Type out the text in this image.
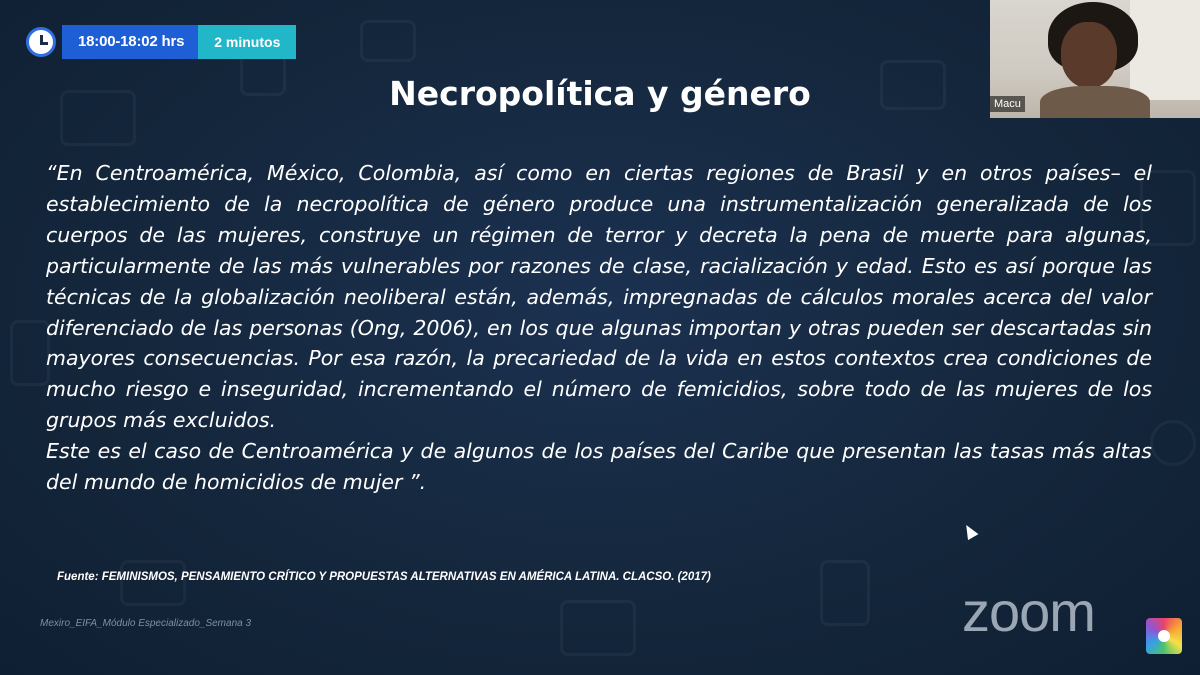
18:00-18:02 hrs	2 minutos
Macu
Necropolítica y género

“En Centroamérica, México, Colombia, así como en ciertas regiones de Brasil y en otros países– el establecimiento de la necropolítica de género produce una instrumentalización generalizada de los cuerpos de las mujeres, construye un régimen de terror y decreta la pena de muerte para algunas, particularmente de las más vulnerables por razones de clase, racialización y edad. Esto es así porque las técnicas de la globalización neoliberal están, además, impregnadas de cálculos morales acerca del valor diferenciado de las personas (Ong, 2006), en los que algunas importan y otras pueden ser descartadas sin mayores consecuencias. Por esa razón, la precariedad de la vida en estos contextos crea condiciones de mucho riesgo e inseguridad, incrementando el número de femicidios, sobre todo de las mujeres de los grupos más excluidos.

Este es el caso de Centroamérica y de algunos de los países del Caribe que presentan las tasas más altas del mundo de homicidios de mujer ”.

Fuente: FEMINISMOS, PENSAMIENTO CRÍTICO Y PROPUESTAS ALTERNATIVAS EN AMÉRICA LATINA. CLACSO. (2017)

Mexiro_EIFA_Módulo Especializado_Semana 3	zoom
